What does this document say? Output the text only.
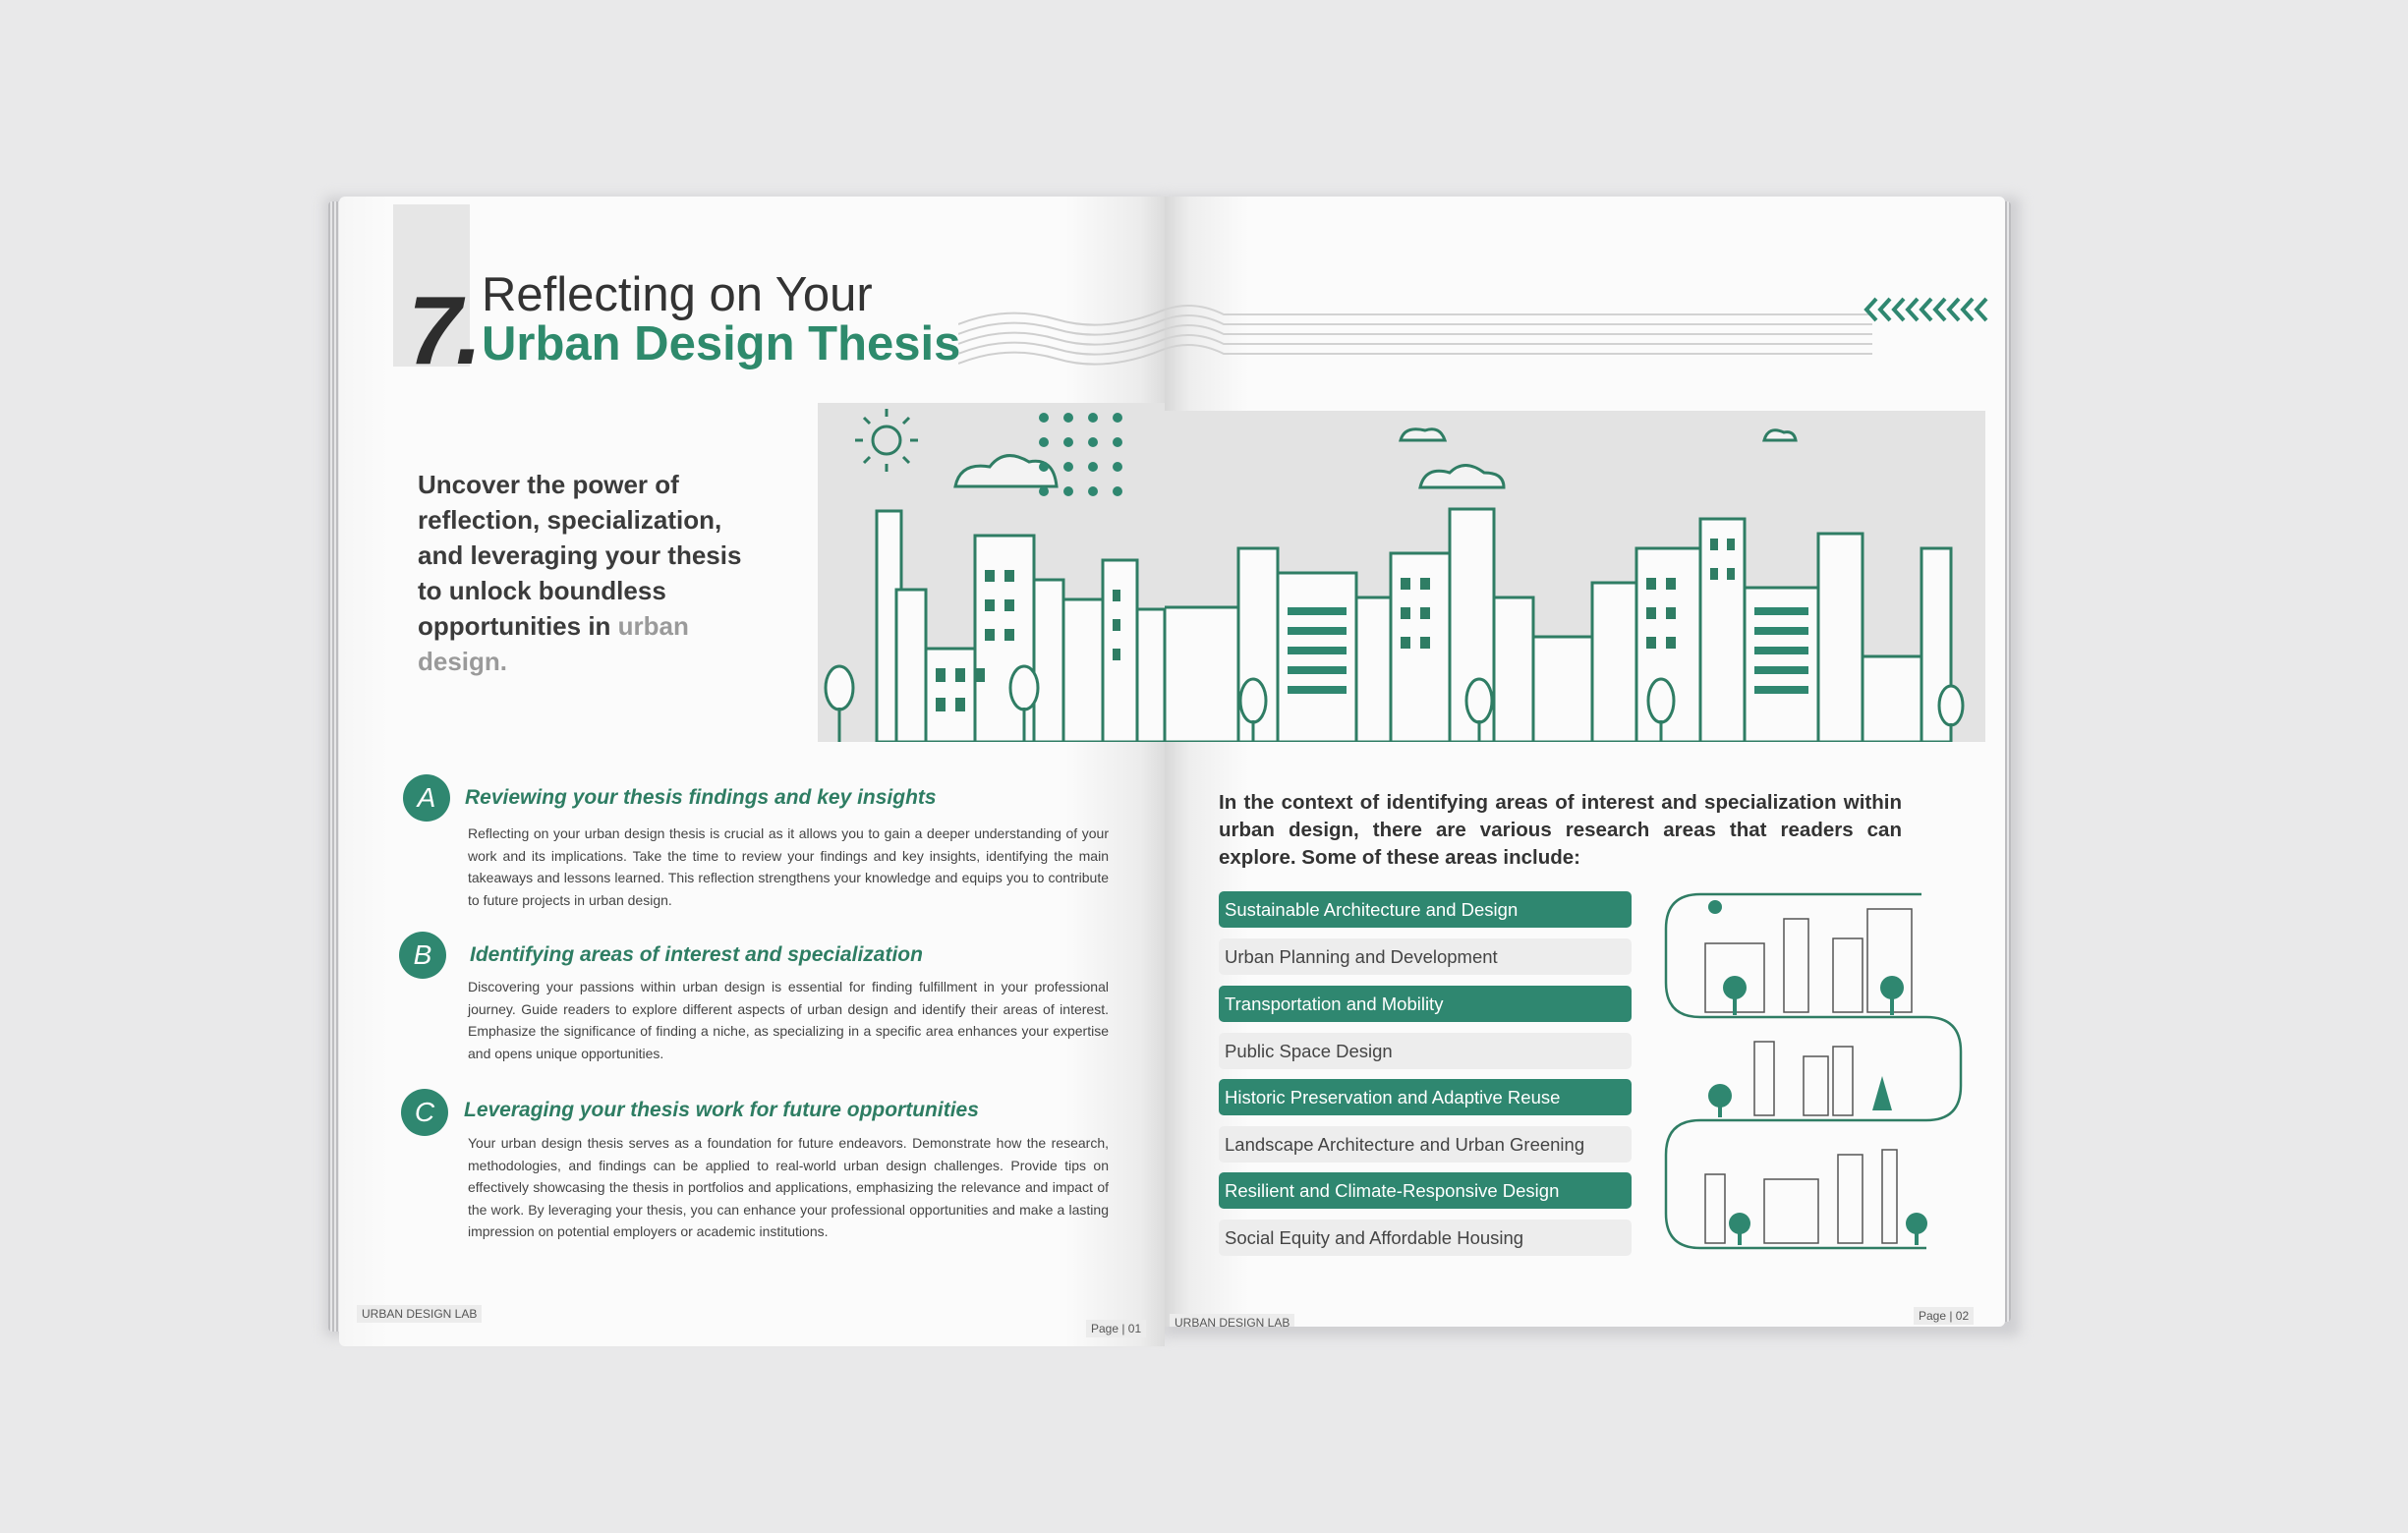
7. Reflecting on Your
Urban Design Thesis
Uncover the power of reflection, specialization, and leveraging your thesis to unlock boundless opportunities in urban design.
A	Reviewing your thesis findings and key insights
Reflecting on your urban design thesis is crucial as it allows you to gain a deeper understanding of your work and its implications. Take the time to review your findings and key insights, identifying the main takeaways and lessons learned. This reflection strengthens your knowledge and equips you to contribute to future projects in urban design.
B	Identifying areas of interest and specialization
Discovering your passions within urban design is essential for finding fulfillment in your professional journey. Guide readers to explore different aspects of urban design and identify their areas of interest. Emphasize the significance of finding a niche, as specializing in a specific area enhances your expertise and opens unique opportunities.
C	Leveraging your thesis work for future opportunities
Your urban design thesis serves as a foundation for future endeavors. Demonstrate how the research, methodologies, and findings can be applied to real-world urban design challenges. Provide tips on effectively showcasing the thesis in portfolios and applications, emphasizing the relevance and impact of the work. By leveraging your thesis, you can enhance your professional opportunities and make a lasting impression on potential employers or academic institutions.
URBAN DESIGN LAB
Page | 01
In the context of identifying areas of interest and specialization within urban design, there are various research areas that readers can explore. Some of these areas include:
Sustainable Architecture and Design
Urban Planning and Development
Transportation and Mobility
Public Space Design
Historic Preservation and Adaptive Reuse
Landscape Architecture and Urban Greening
Resilient and Climate-Responsive Design
Social Equity and Affordable Housing
URBAN DESIGN LAB	Page | 02
